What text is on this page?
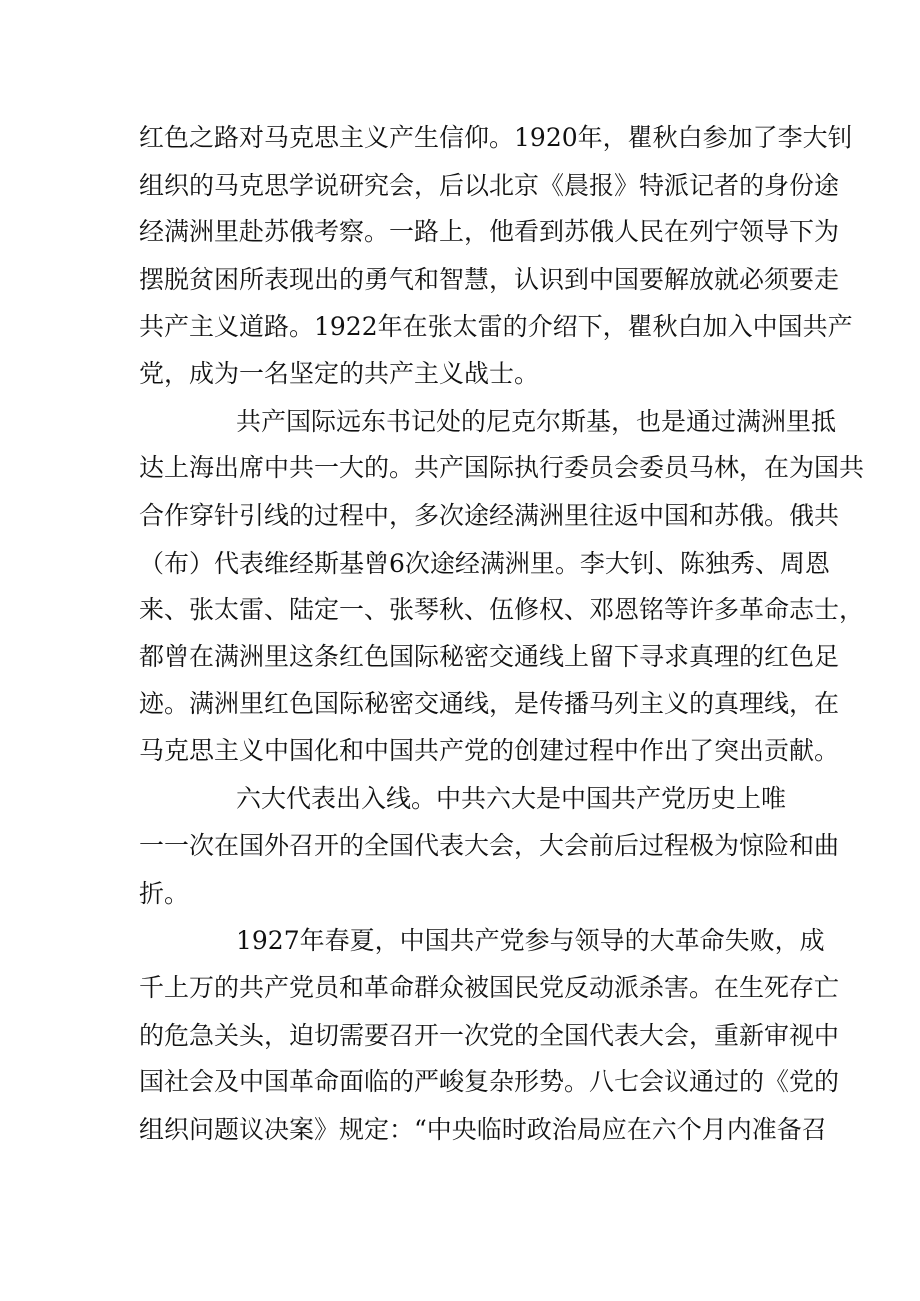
红色之路对马克思主义产生信仰。1920年，瞿秋白参加了李大钊
组织的马克思学说研究会，后以北京《晨报》特派记者的身份途
经满洲里赴苏俄考察。一路上，他看到苏俄人民在列宁领导下为
摆脱贫困所表现出的勇气和智慧，认识到中国要解放就必须要走
共产主义道路。1922年在张太雷的介绍下，瞿秋白加入中国共产
党，成为一名坚定的共产主义战士。
共产国际远东书记处的尼克尔斯基，也是通过满洲里抵
达上海出席中共一大的。共产国际执行委员会委员马林，在为国共
合作穿针引线的过程中，多次途经满洲里往返中国和苏俄。俄共
（布）代表维经斯基曾6次途经满洲里。李大钊、陈独秀、周恩
来、张太雷、陆定一、张琴秋、伍修权、邓恩铭等许多革命志士，
都曾在满洲里这条红色国际秘密交通线上留下寻求真理的红色足
迹。满洲里红色国际秘密交通线，是传播马列主义的真理线，在
马克思主义中国化和中国共产党的创建过程中作出了突出贡献。
六大代表出入线。中共六大是中国共产党历史上唯
一一次在国外召开的全国代表大会，大会前后过程极为惊险和曲
折。
1927年春夏，中国共产党参与领导的大革命失败，成
千上万的共产党员和革命群众被国民党反动派杀害。在生死存亡
的危急关头，迫切需要召开一次党的全国代表大会，重新审视中
国社会及中国革命面临的严峻复杂形势。八七会议通过的《党的
组织问题议决案》规定：“中央临时政治局应在六个月内准备召
